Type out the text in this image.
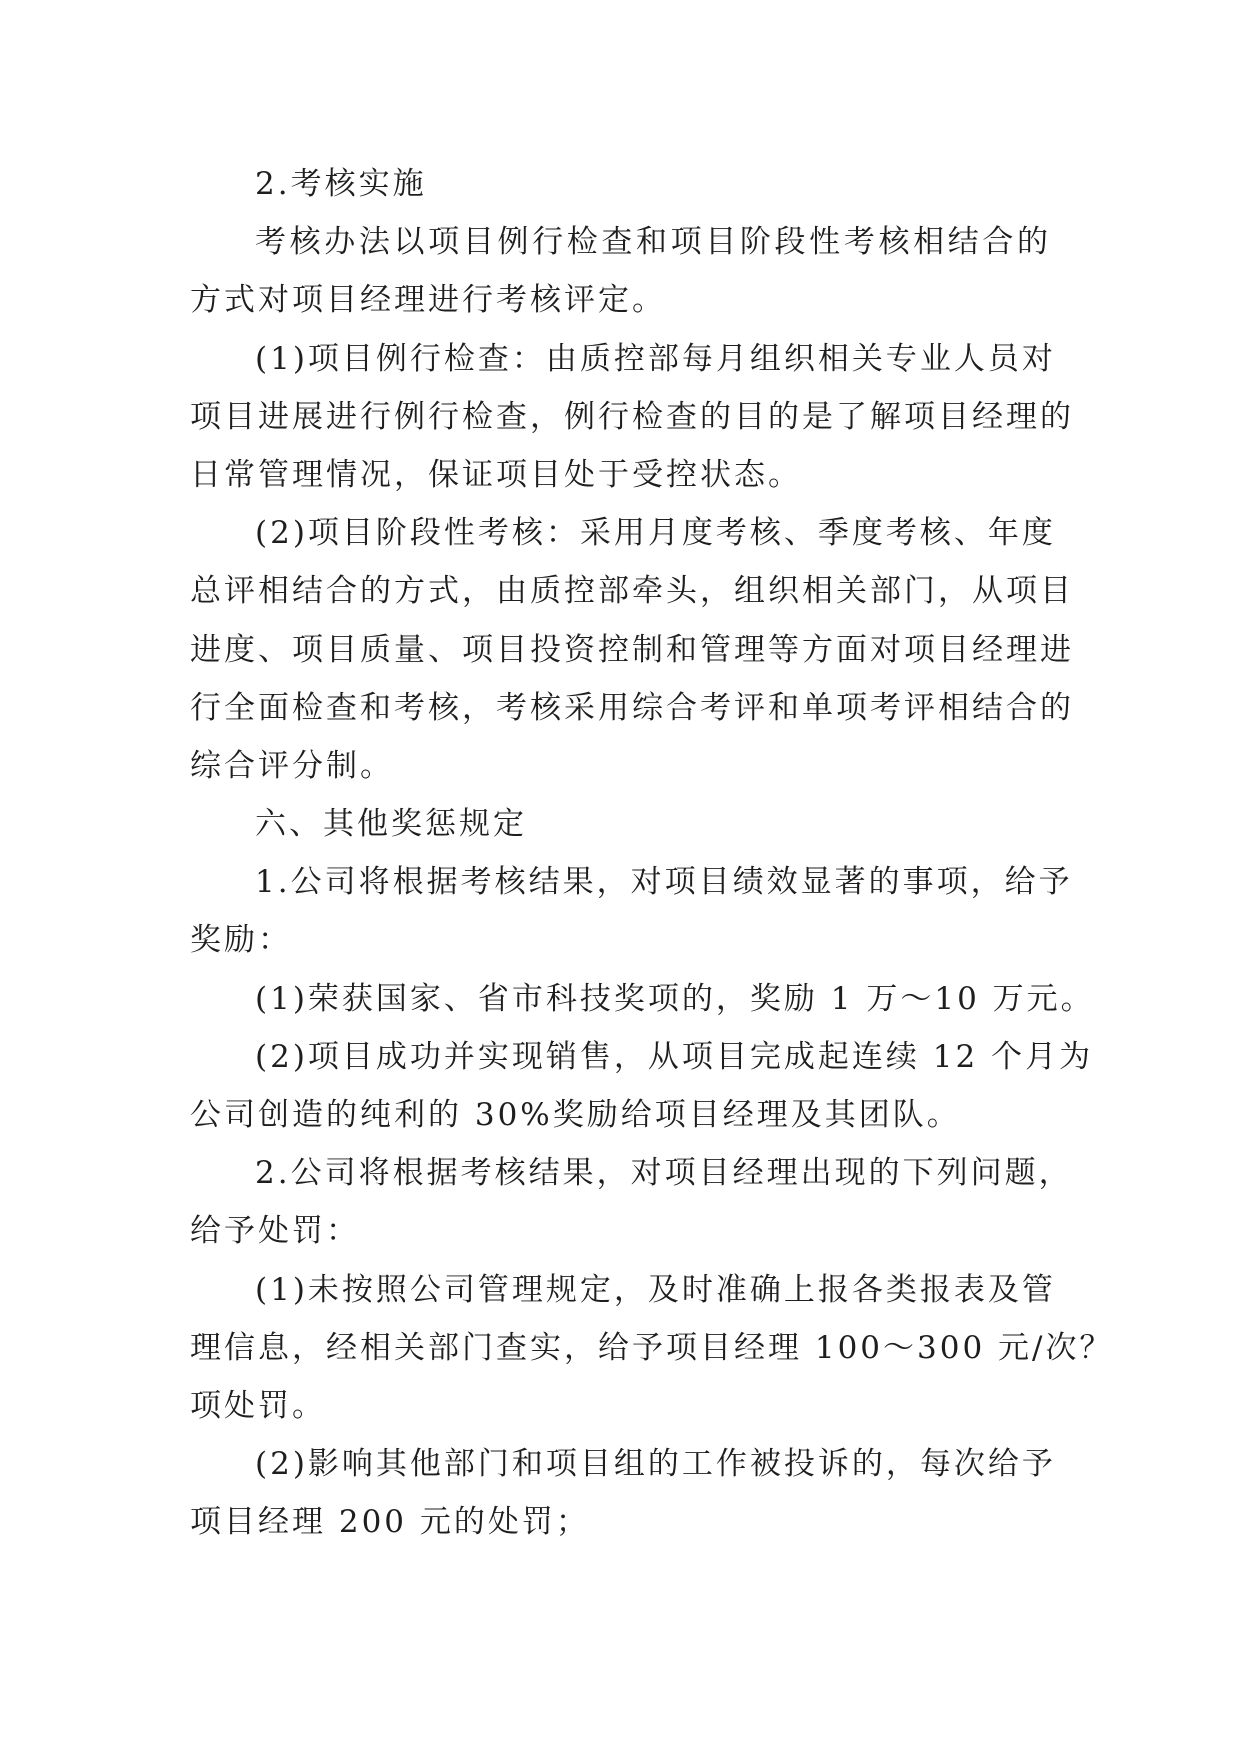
2.考核实施
考核办法以项目例行检查和项目阶段性考核相结合的
方式对项目经理进行考核评定。
(1)项目例行检查：由质控部每月组织相关专业人员对
项目进展进行例行检查，例行检查的目的是了解项目经理的
日常管理情况，保证项目处于受控状态。
(2)项目阶段性考核：采用月度考核、季度考核、年度
总评相结合的方式，由质控部牵头，组织相关部门，从项目
进度、项目质量、项目投资控制和管理等方面对项目经理进
行全面检查和考核，考核采用综合考评和单项考评相结合的
综合评分制。
六、其他奖惩规定
1.公司将根据考核结果，对项目绩效显著的事项，给予
奖励：
(1)荣获国家、省市科技奖项的，奖励 1 万～10 万元。
(2)项目成功并实现销售，从项目完成起连续 12 个月为
公司创造的纯利的 30%奖励给项目经理及其团队。
2.公司将根据考核结果，对项目经理出现的下列问题，
给予处罚：
(1)未按照公司管理规定，及时准确上报各类报表及管
理信息，经相关部门查实，给予项目经理 100～300 元/次？
项处罚。
(2)影响其他部门和项目组的工作被投诉的，每次给予
项目经理 200 元的处罚；
